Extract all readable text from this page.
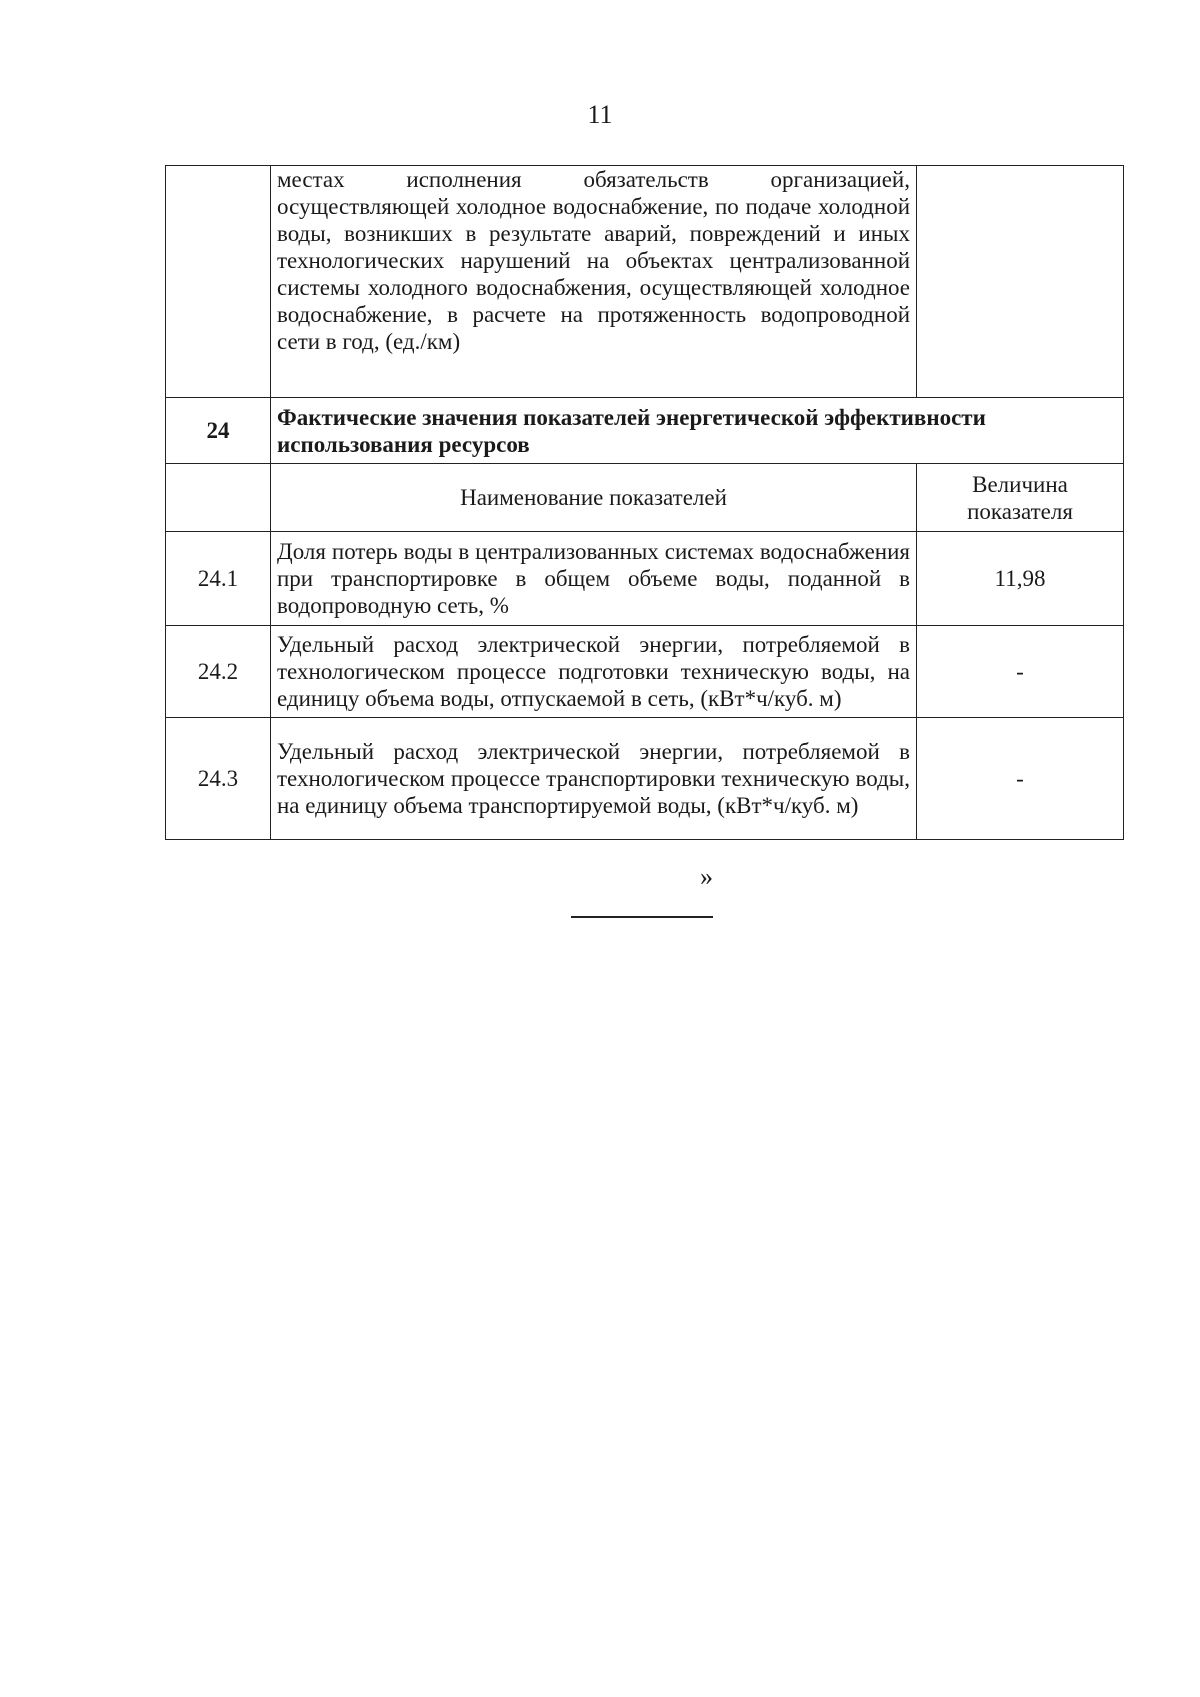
11
	местах исполнения обязательств организацией, осуществляющей холодное водоснабжение, по подаче холодной воды, возникших в результате аварий, повреждений и иных технологических нарушений на объектах централизованной системы холодного водоснабжения, осуществляющей холодное водоснабжение, в расчете на протяженность водопроводной сети в год, (ед./км)	
24	Фактические значения показателей энергетической эффективности использования ресурсов	
	Наименование показателей	Величина показателя
24.1	Доля потерь воды в централизованных системах водоснабжения при транспортировке в общем объеме воды, поданной в водопроводную сеть, %	11,98
24.2	Удельный расход электрической энергии, потребляемой в технологическом процессе подготовки техническую воды, на единицу объема воды, отпускаемой в сеть, (кВт*ч/куб. м)	-
24.3	Удельный расход электрической энергии, потребляемой в технологическом процессе транспортировки техническую воды, на единицу объема транспортируемой воды, (кВт*ч/куб. м)	-
»
